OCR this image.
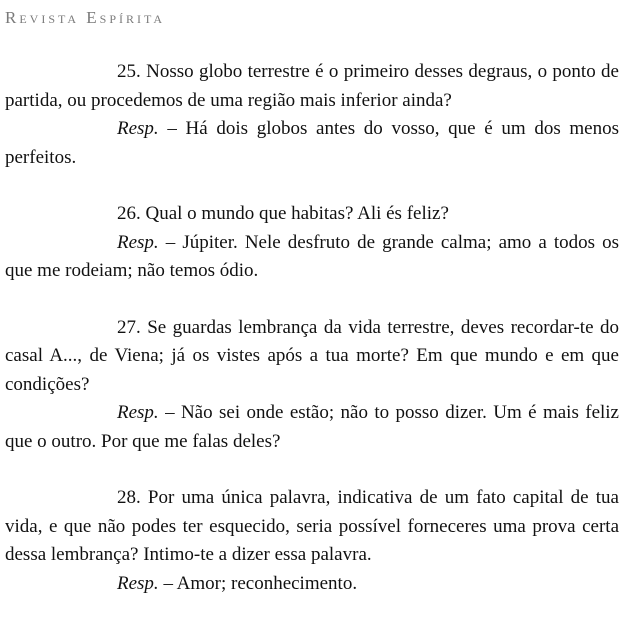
Revista Espírita

25. Nosso globo terrestre é o primeiro desses degraus, o ponto de partida, ou procedemos de uma região mais inferior ainda?

Resp. – Há dois globos antes do vosso, que é um dos menos perfeitos.

26. Qual o mundo que habitas? Ali és feliz?

Resp. – Júpiter. Nele desfruto de grande calma; amo a todos os que me rodeiam; não temos ódio.

27. Se guardas lembrança da vida terrestre, deves recordar-te do casal A..., de Viena; já os vistes após a tua morte? Em que mundo e em que condições?

Resp. – Não sei onde estão; não to posso dizer. Um é mais feliz que o outro. Por que me falas deles?

28. Por uma única palavra, indicativa de um fato capital de tua vida, e que não podes ter esquecido, seria possível forneceres uma prova certa dessa lembrança? Intimo-te a dizer essa palavra.

Resp. – Amor; reconhecimento.
